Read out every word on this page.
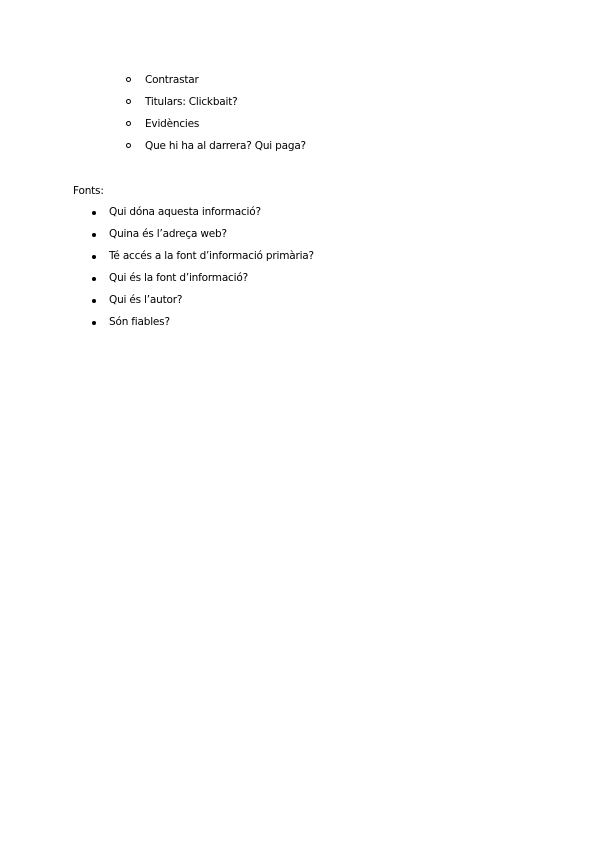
Contrastar
Titulars: Clickbait?
Evidències
Que hi ha al darrera? Qui paga?
Fonts:
Qui dóna aquesta informació?
Quina és l’adreça web?
Té accés a la font d’informació primària?
Qui és la font d’informació?
Qui és l’autor?
Són fiables?
